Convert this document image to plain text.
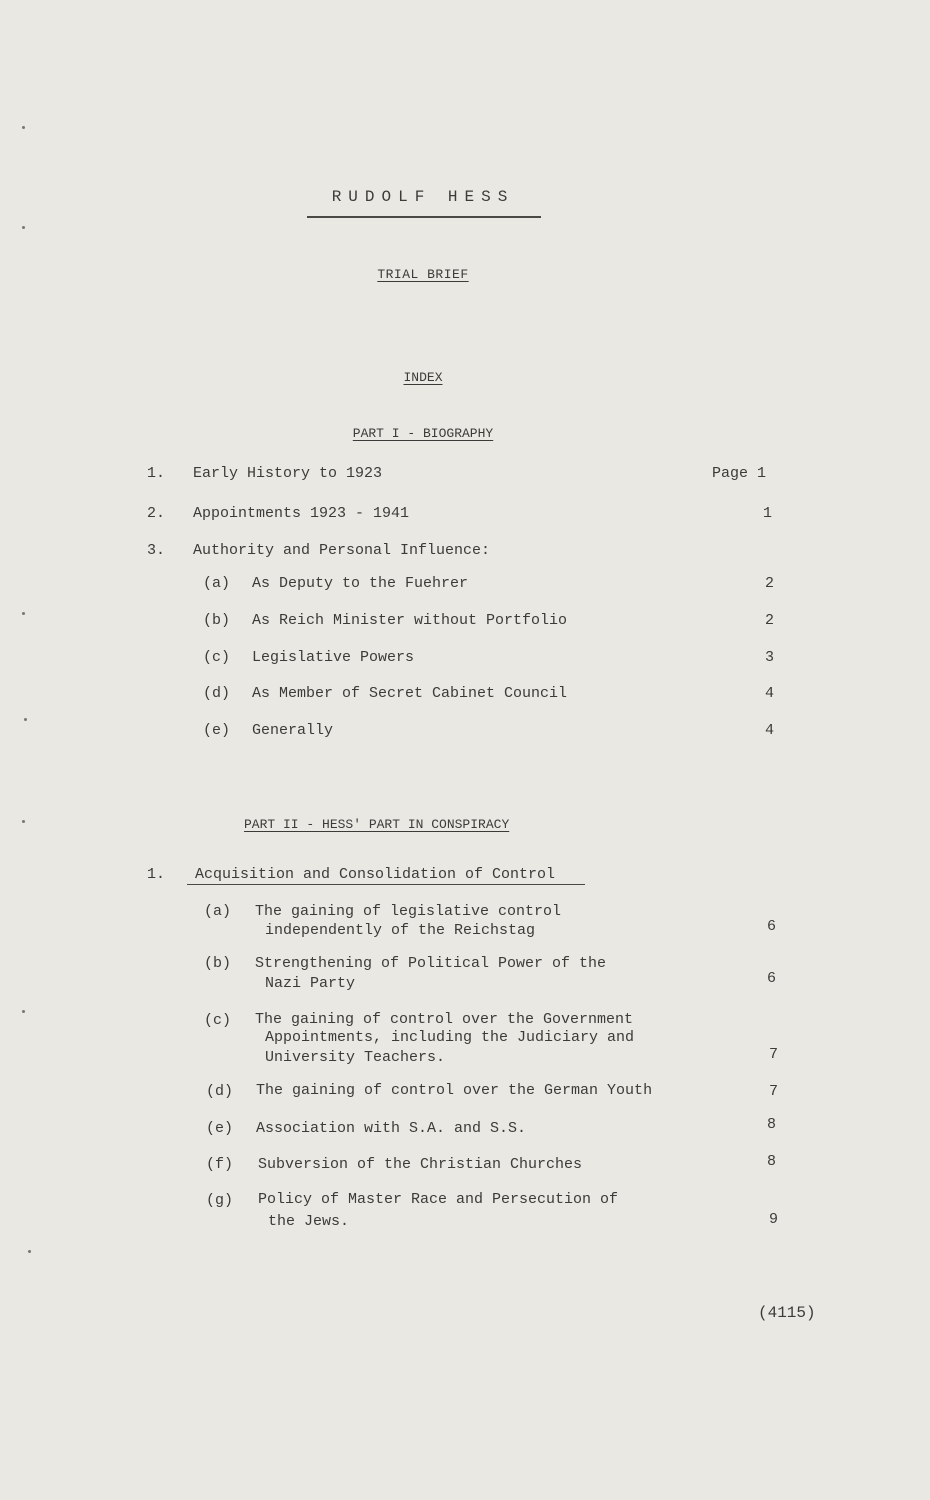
RUDOLF HESS
TRIAL BRIEF
INDEX
PART I - BIOGRAPHY
1. Early History to 1923	Page 1
2. Appointments 1923 - 1941	1
3. Authority and Personal Influence:
(a) As Deputy to the Fuehrer	2
(b) As Reich Minister without Portfolio	2
(c) Legislative Powers	3
(d) As Member of Secret Cabinet Council	4
(e) Generally	4
PART II - HESS' PART IN CONSPIRACY
1. Acquisition and Consolidation of Control
(a) The gaining of legislative control
independently of the Reichstag	6
(b) Strengthening of Political Power of the
Nazi Party	6
(c) The gaining of control over the Government
Appointments, including the Judiciary and
University Teachers.	7
(d) The gaining of control over the German Youth	7
(e) Association with S.A. and S.S.	8
(f) Subversion of the Christian Churches	8
(g) Policy of Master Race and Persecution of
the Jews.	9
(4115)
